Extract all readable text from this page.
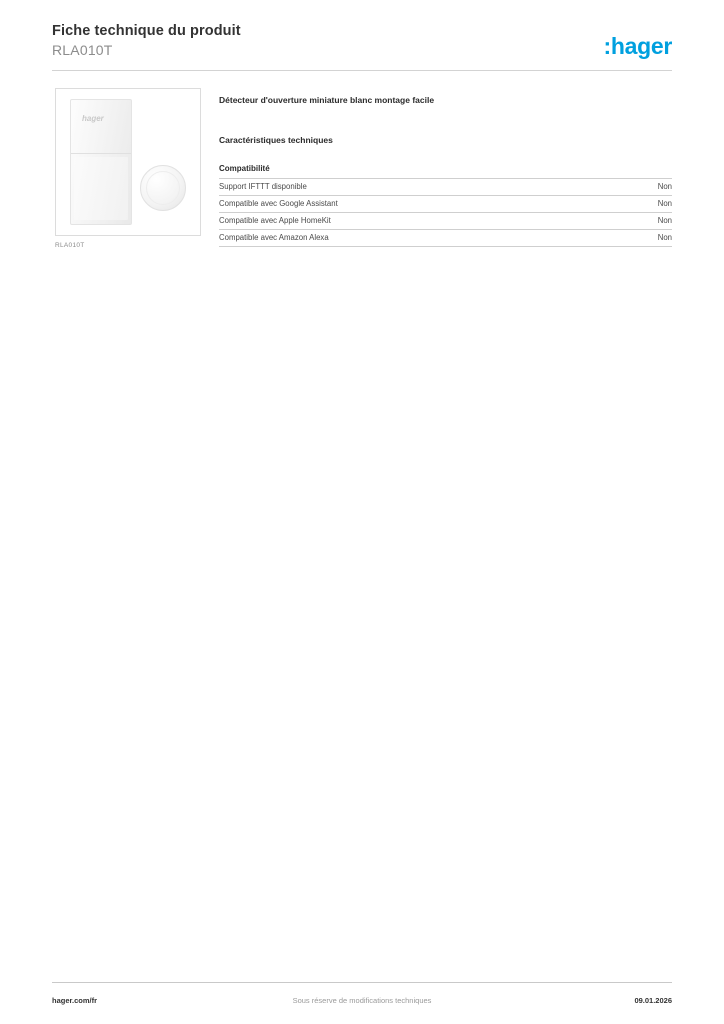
Fiche technique du produit
RLA010T	:hager
hager
RLA010T
Détecteur d'ouverture miniature blanc montage facile
Caractéristiques techniques
Compatibilité
Support IFTTT disponible	Non
Compatible avec Google Assistant	Non
Compatible avec Apple HomeKit	Non
Compatible avec Amazon Alexa	Non
hager.com/fr	Sous réserve de modifications techniques	09.01.2026
